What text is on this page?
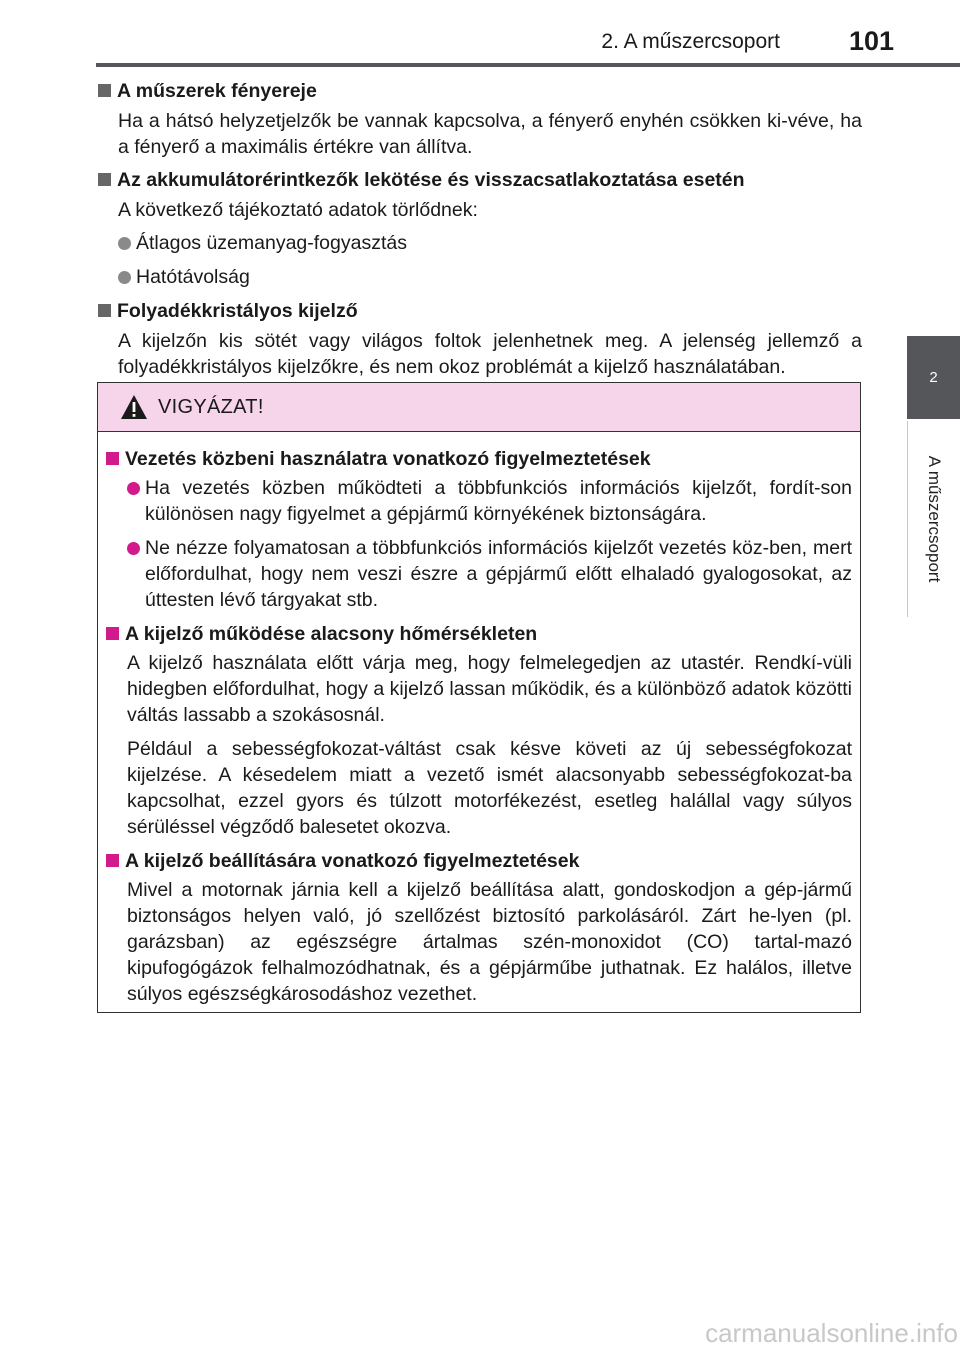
2. A műszercsoport	101
2
A műszercsoport
A műszerek fényereje
Ha a hátsó helyzetjelzők be vannak kapcsolva, a fényerő enyhén csökken ki-véve, ha a fényerő a maximális értékre van állítva.
Az akkumulátorérintkezők lekötése és visszacsatlakoztatása esetén
A következő tájékoztató adatok törlődnek:
Átlagos üzemanyag-fogyasztás
Hatótávolság
Folyadékkristályos kijelző
A kijelzőn kis sötét vagy világos foltok jelenhetnek meg. A jelenség jellemző a folyadékkristályos kijelzőkre, és nem okoz problémát a kijelző használatában.
VIGYÁZAT!
Vezetés közbeni használatra vonatkozó figyelmeztetések
Ha vezetés közben működteti a többfunkciós információs kijelzőt, fordít-son különösen nagy figyelmet a gépjármű környékének biztonságára.
Ne nézze folyamatosan a többfunkciós információs kijelzőt vezetés köz-ben, mert előfordulhat, hogy nem veszi észre a gépjármű előtt elhaladó gyalogosokat, az úttesten lévő tárgyakat stb.
A kijelző működése alacsony hőmérsékleten
A kijelző használata előtt várja meg, hogy felmelegedjen az utastér. Rendkí-vüli hidegben előfordulhat, hogy a kijelző lassan működik, és a különböző adatok közötti váltás lassabb a szokásosnál.
Például a sebességfokozat-váltást csak késve követi az új sebességfokozat kijelzése. A késedelem miatt a vezető ismét alacsonyabb sebességfokozat-ba kapcsolhat, ezzel gyors és túlzott motorfékezést, esetleg halállal vagy súlyos sérüléssel végződő balesetet okozva.
A kijelző beállítására vonatkozó figyelmeztetések
Mivel a motornak járnia kell a kijelző beállítása alatt, gondoskodjon a gép-jármű biztonságos helyen való, jó szellőzést biztosító parkolásáról. Zárt he-lyen (pl. garázsban) az egészségre ártalmas szén-monoxidot (CO) tartal-mazó kipufogógázok felhalmozódhatnak, és a gépjárműbe juthatnak. Ez halálos, illetve súlyos egészségkárosodáshoz vezethet.
carmanualsonline.info
